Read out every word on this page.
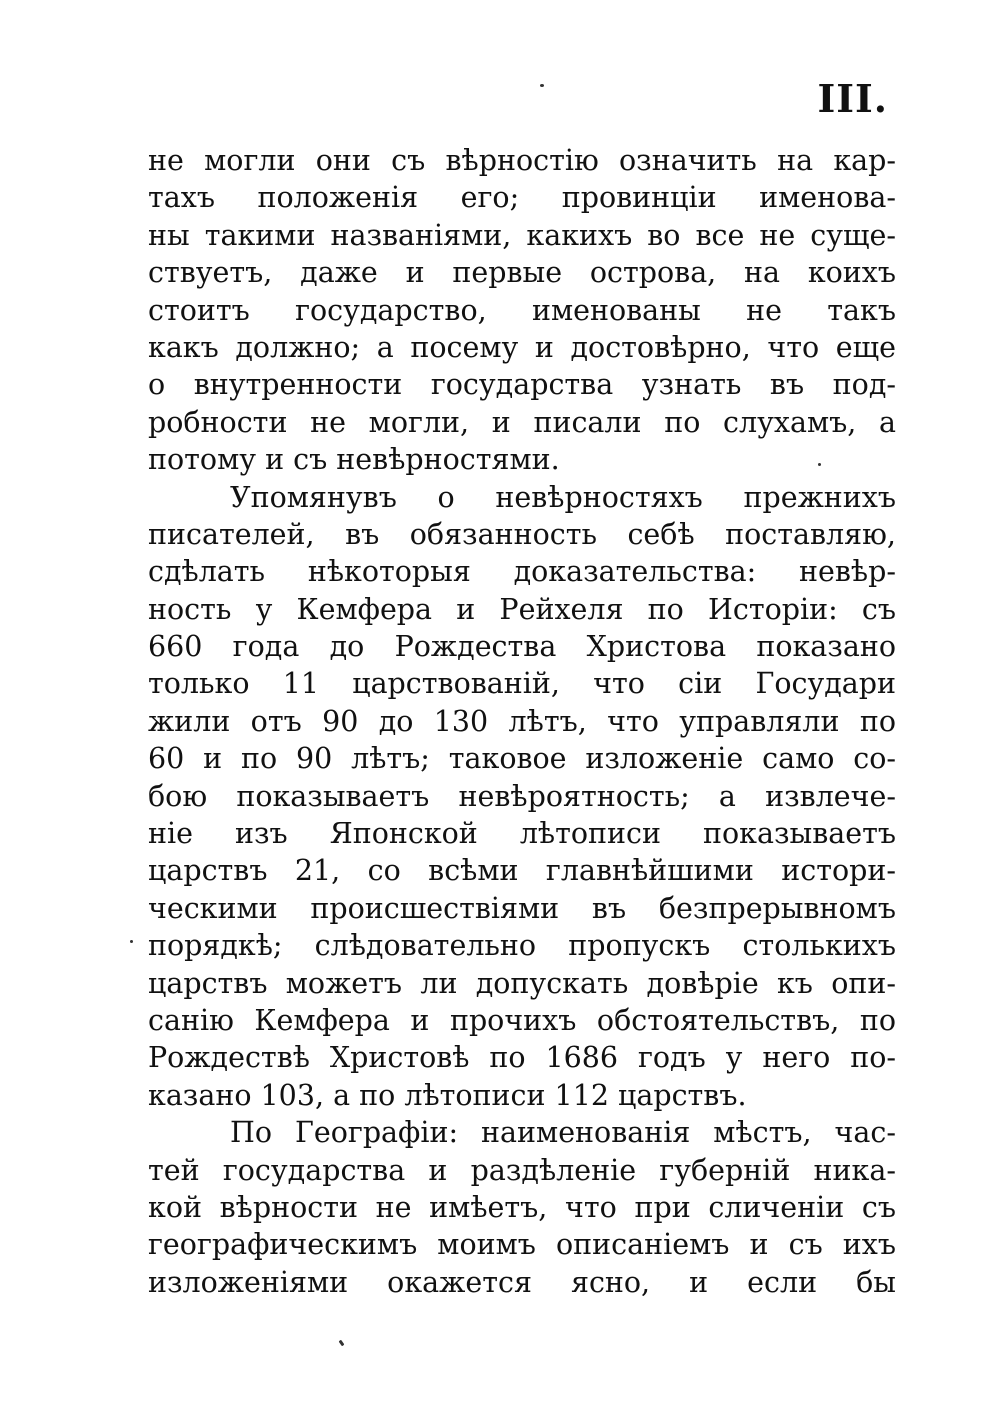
III.
не могли они съ вѣрностію означить на кар-
тахъ положенія его; провинціи именова-
ны такими названіями, какихъ во все не суще-
ствуетъ, даже и первые острова, на коихъ
стоитъ государство, именованы не такъ
какъ должно; а посему и достовѣрно, что еще
о внутренности государства узнать въ под-
робности не могли, и писали по слухамъ, а
потому и съ невѣрностями.
Упомянувъ о невѣрностяхъ прежнихъ
писателей, въ обязанность себѣ поставляю,
сдѣлать нѣкоторыя доказательства: невѣр-
ность у Кемфера и Рейхеля по Исторіи: съ
660 года до Рождества Христова показано
только 11 царствованій, что сіи Государи
жили отъ 90 до 130 лѣтъ, что управляли по
60 и по 90 лѣтъ; таковое изложеніе само со-
бою показываетъ невѣроятность; а извлече-
ніе изъ Японской лѣтописи показываетъ
царствъ 21, со всѣми главнѣйшими истори-
ческими происшествіями въ безпрерывномъ
порядкѣ; слѣдовательно пропускъ столькихъ
царствъ можетъ ли допускать довѣріе къ опи-
санію Кемфера и прочихъ обстоятельствъ, по
Рождествѣ Христовѣ по 1686 годъ у него по-
казано 103, а по лѣтописи 112 царствъ.
По Географіи: наименованія мѣстъ, час-
тей государства и раздѣленіе губерній ника-
кой вѣрности не имѣетъ, что при сличеніи съ
географическимъ моимъ описаніемъ и съ ихъ
изложеніями окажется ясно, и если бы
